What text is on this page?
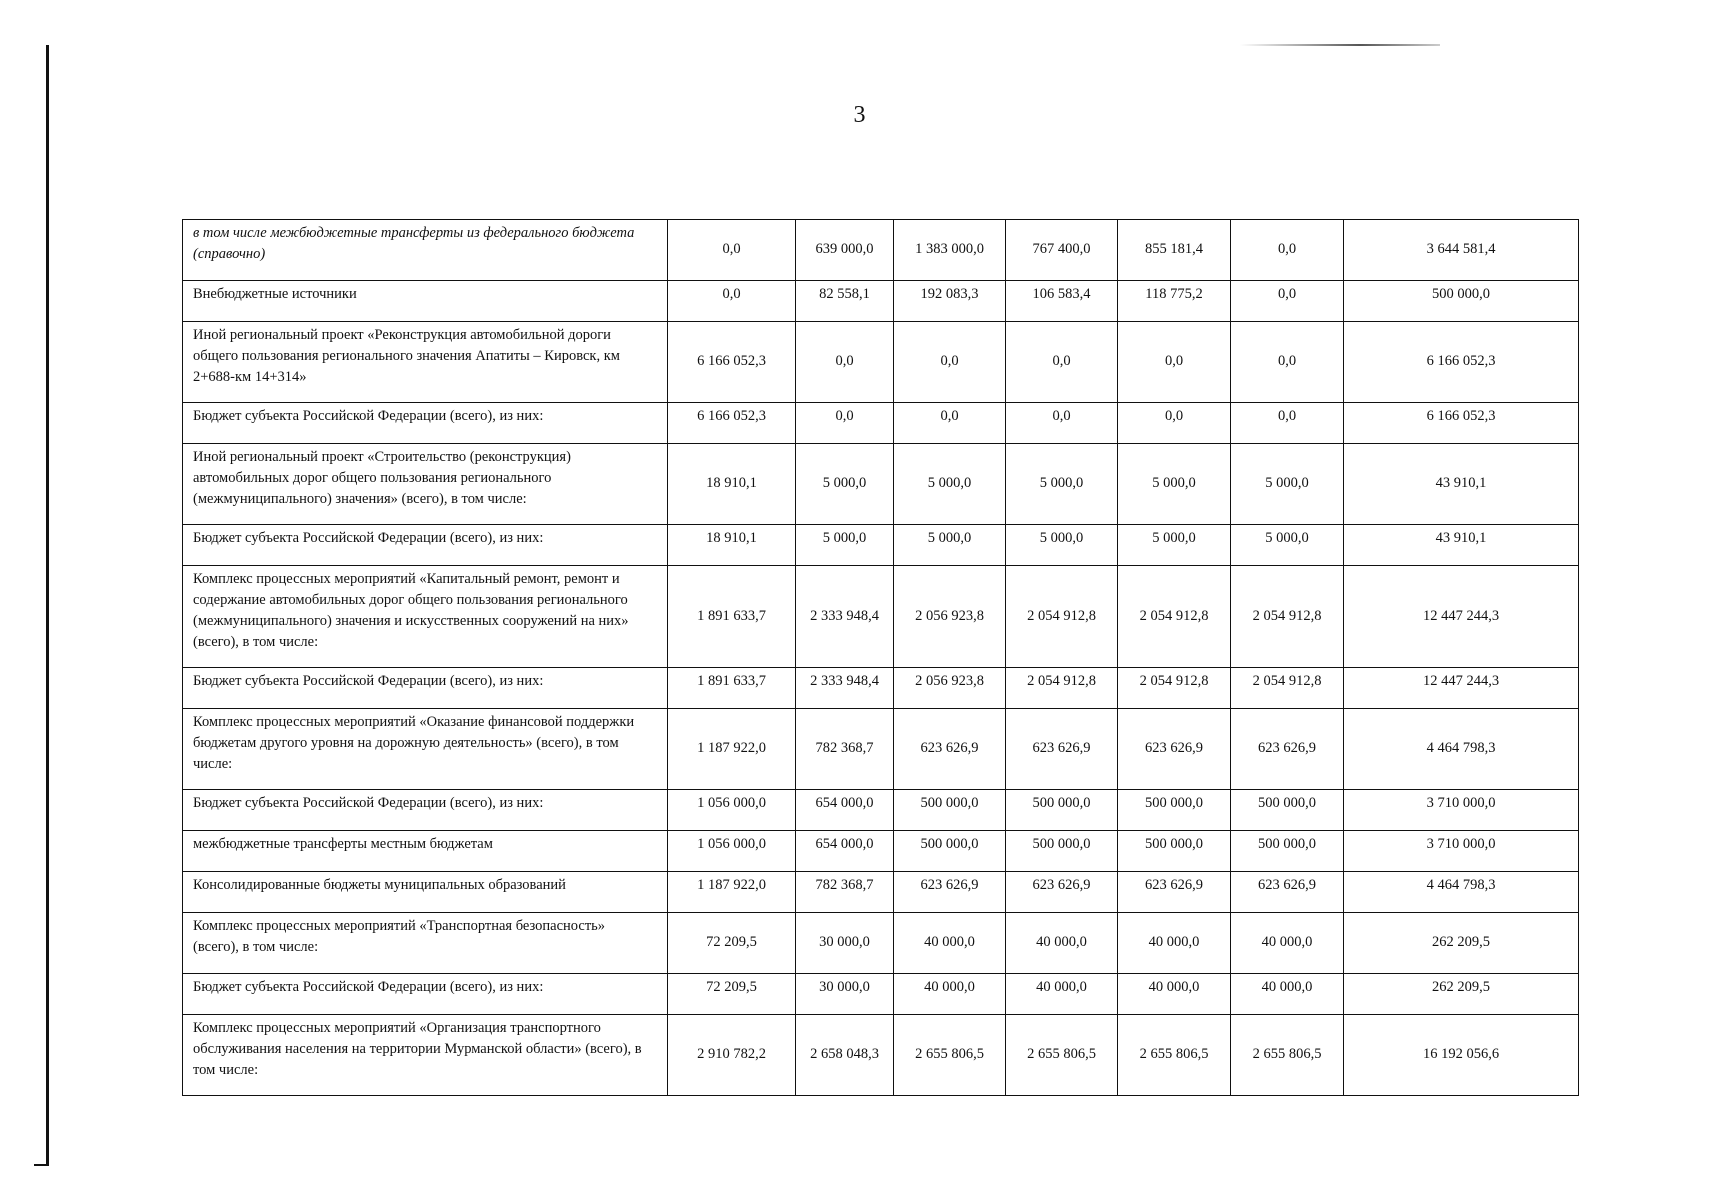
3
в том числе межбюджетные трансферты из федерального бюджета (справочно)	0,0	639 000,0	1 383 000,0	767 400,0	855 181,4	0,0	3 644 581,4
Внебюджетные источники	0,0	82 558,1	192 083,3	106 583,4	118 775,2	0,0	500 000,0
Иной региональный проект «Реконструкция автомобильной дороги общего пользования регионального значения Апатиты – Кировск, км 2+688-км 14+314»	6 166 052,3	0,0	0,0	0,0	0,0	0,0	6 166 052,3
Бюджет субъекта Российской Федерации (всего), из них:	6 166 052,3	0,0	0,0	0,0	0,0	0,0	6 166 052,3
Иной региональный проект «Строительство (реконструкция) автомобильных дорог общего пользования регионального (межмуниципального) значения» (всего), в том числе:	18 910,1	5 000,0	5 000,0	5 000,0	5 000,0	5 000,0	43 910,1
Бюджет субъекта Российской Федерации (всего), из них:	18 910,1	5 000,0	5 000,0	5 000,0	5 000,0	5 000,0	43 910,1
Комплекс процессных мероприятий «Капитальный ремонт, ремонт и содержание автомобильных дорог общего пользования регионального (межмуниципального) значения и искусственных сооружений на них» (всего), в том числе:	1 891 633,7	2 333 948,4	2 056 923,8	2 054 912,8	2 054 912,8	2 054 912,8	12 447 244,3
Бюджет субъекта Российской Федерации (всего), из них:	1 891 633,7	2 333 948,4	2 056 923,8	2 054 912,8	2 054 912,8	2 054 912,8	12 447 244,3
Комплекс процессных мероприятий «Оказание финансовой поддержки бюджетам другого уровня на дорожную деятельность» (всего), в том числе:	1 187 922,0	782 368,7	623 626,9	623 626,9	623 626,9	623 626,9	4 464 798,3
Бюджет субъекта Российской Федерации (всего), из них:	1 056 000,0	654 000,0	500 000,0	500 000,0	500 000,0	500 000,0	3 710 000,0
межбюджетные трансферты местным бюджетам	1 056 000,0	654 000,0	500 000,0	500 000,0	500 000,0	500 000,0	3 710 000,0
Консолидированные бюджеты муниципальных образований	1 187 922,0	782 368,7	623 626,9	623 626,9	623 626,9	623 626,9	4 464 798,3
Комплекс процессных мероприятий «Транспортная безопасность» (всего), в том числе:	72 209,5	30 000,0	40 000,0	40 000,0	40 000,0	40 000,0	262 209,5
Бюджет субъекта Российской Федерации (всего), из них:	72 209,5	30 000,0	40 000,0	40 000,0	40 000,0	40 000,0	262 209,5
Комплекс процессных мероприятий «Организация транспортного обслуживания населения на территории Мурманской области» (всего), в том числе:	2 910 782,2	2 658 048,3	2 655 806,5	2 655 806,5	2 655 806,5	2 655 806,5	16 192 056,6
